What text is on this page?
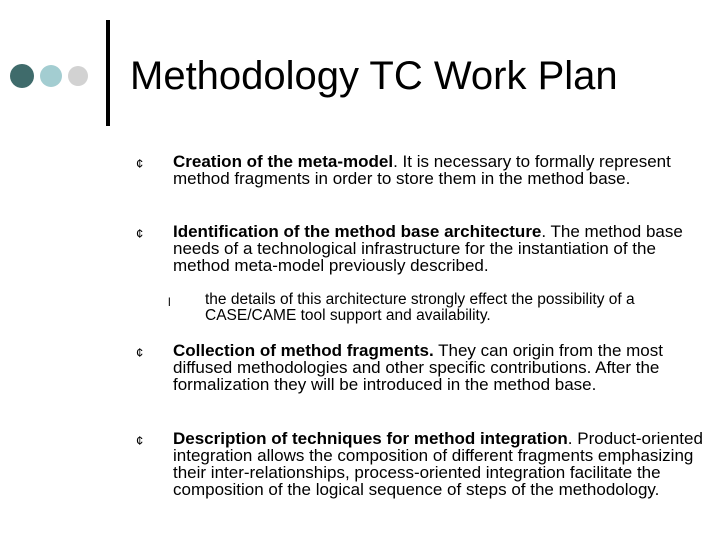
Methodology TC Work Plan
¢ Creation of the meta-model. It is necessary to formally represent method fragments in order to store them in the method base.
¢ Identification of the method base architecture. The method base needs of a technological infrastructure for the instantiation of the method meta-model previously described.
l the details of this architecture strongly effect the possibility of a CASE/CAME tool support and availability.
¢ Collection of method fragments. They can origin from the most diffused methodologies and other specific contributions. After the formalization they will be introduced in the method base.
¢ Description of techniques for method integration. Product-oriented integration allows the composition of different fragments emphasizing their inter-relationships, process-oriented integration facilitate the composition of the logical sequence of steps of the methodology.
